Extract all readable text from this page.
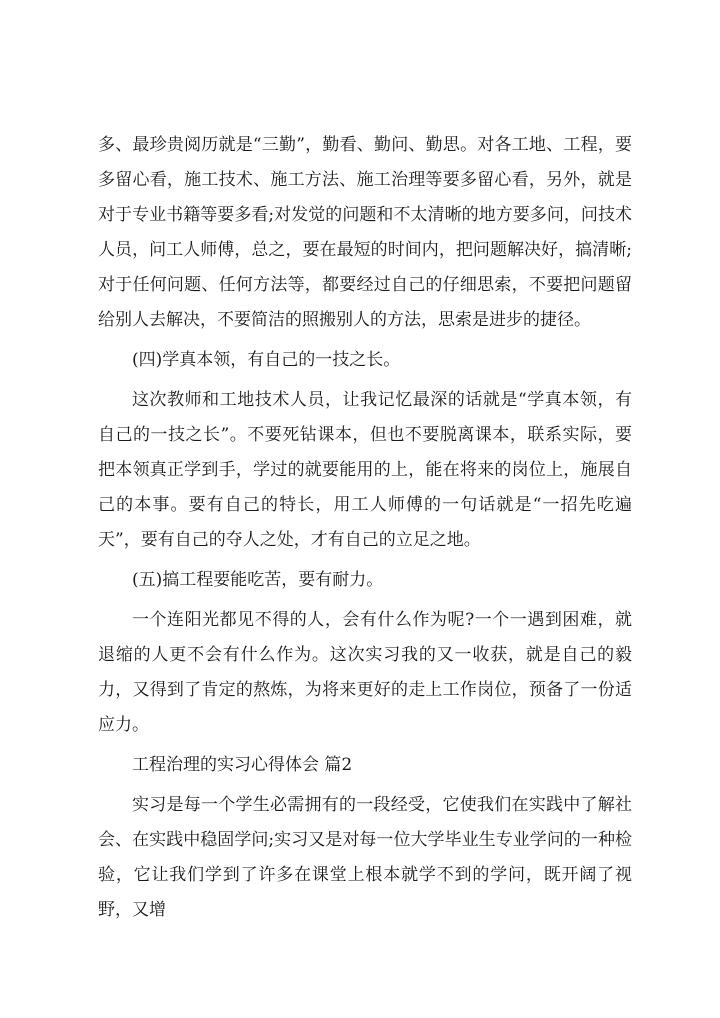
多、最珍贵阅历就是“三勤”，勤看、勤问、勤思。对各工地、工程，要多留心看，施工技术、施工方法、施工治理等要多留心看，另外，就是对于专业书籍等要多看;对发觉的问题和不太清晰的地方要多问，问技术人员，问工人师傅，总之，要在最短的时间内，把问题解决好，搞清晰;对于任何问题、任何方法等，都要经过自己的仔细思索，不要把问题留给别人去解决，不要简洁的照搬别人的方法，思索是进步的捷径。

(四)学真本领，有自己的一技之长。

这次教师和工地技术人员，让我记忆最深的话就是“学真本领，有自己的一技之长”。不要死钻课本，但也不要脱离课本，联系实际，要把本领真正学到手，学过的就要能用的上，能在将来的岗位上，施展自己的本事。要有自己的特长，用工人师傅的一句话就是“一招先吃遍天”，要有自己的夺人之处，才有自己的立足之地。

(五)搞工程要能吃苦，要有耐力。

一个连阳光都见不得的人，会有什么作为呢?一个一遇到困难，就退缩的人更不会有什么作为。这次实习我的又一收获，就是自己的毅力，又得到了肯定的熬炼，为将来更好的走上工作岗位，预备了一份适应力。

工程治理的实习心得体会 篇2

实习是每一个学生必需拥有的一段经受，它使我们在实践中了解社会、在实践中稳固学问;实习又是对每一位大学毕业生专业学问的一种检验，它让我们学到了许多在课堂上根本就学不到的学问，既开阔了视野，又增
